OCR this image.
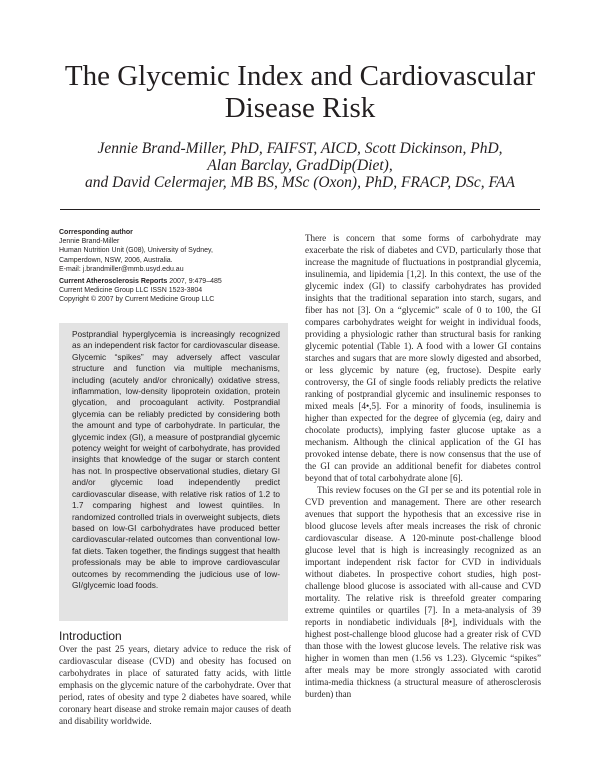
The Glycemic Index and Cardiovascular Disease Risk
Jennie Brand-Miller, PhD, FAIFST, AICD, Scott Dickinson, PhD,
Alan Barclay, GradDip(Diet),
and David Celermajer, MB BS, MSc (Oxon), PhD, FRACP, DSc, FAA
Corresponding author
Jennie Brand-Miller
Human Nutrition Unit (G08), University of Sydney,
Camperdown, NSW, 2006, Australia.
E-mail: j.brandmiller@mmb.usyd.edu.au
Current Atherosclerosis Reports 2007, 9:479–485
Current Medicine Group LLC ISSN 1523-3804
Copyright © 2007 by Current Medicine Group LLC

Postprandial hyperglycemia is increasingly recognized as an independent risk factor for cardiovascular disease. Glycemic “spikes” may adversely affect vascular structure and function via multiple mechanisms, including (acutely and/or chronically) oxidative stress, inflammation, low-density lipoprotein oxidation, protein glycation, and procoagulant activity. Postprandial glycemia can be reliably predicted by considering both the amount and type of carbohydrate. In particular, the glycemic index (GI), a measure of postprandial glycemic potency weight for weight of carbohydrate, has provided insights that knowledge of the sugar or starch content has not. In prospective observational studies, dietary GI and/or glycemic load independently predict cardiovascular disease, with relative risk ratios of 1.2 to 1.7 comparing highest and lowest quintiles. In randomized controlled trials in overweight subjects, diets based on low-GI carbohydrates have produced better cardiovascular-related outcomes than conventional low-fat diets. Taken together, the findings suggest that health professionals may be able to improve cardiovascular outcomes by recommending the judicious use of low-GI/glycemic load foods.

Introduction

Over the past 25 years, dietary advice to reduce the risk of cardiovascular disease (CVD) and obesity has focused on carbohydrates in place of saturated fatty acids, with little emphasis on the glycemic nature of the carbohydrate. Over that period, rates of obesity and type 2 diabetes have soared, while coronary heart disease and stroke remain major causes of death and disability worldwide.

There is concern that some forms of carbohydrate may exacerbate the risk of diabetes and CVD, particularly those that increase the magnitude of fluctuations in postprandial glycemia, insulinemia, and lipidemia [1,2]. In this context, the use of the glycemic index (GI) to classify carbohydrates has provided insights that the traditional separation into starch, sugars, and fiber has not [3]. On a “glycemic” scale of 0 to 100, the GI compares carbohydrates weight for weight in individual foods, providing a physiologic rather than structural basis for ranking glycemic potential (Table 1). A food with a lower GI contains starches and sugars that are more slowly digested and absorbed, or less glycemic by nature (eg, fructose). Despite early controversy, the GI of single foods reliably predicts the relative ranking of postprandial glycemic and insulinemic responses to mixed meals [4•,5]. For a minority of foods, insulinemia is higher than expected for the degree of glycemia (eg, dairy and chocolate products), implying faster glucose uptake as a mechanism. Although the clinical application of the GI has provoked intense debate, there is now consensus that the use of the GI can provide an additional benefit for diabetes control beyond that of total carbohydrate alone [6].

This review focuses on the GI per se and its potential role in CVD prevention and management. There are other research avenues that support the hypothesis that an excessive rise in blood glucose levels after meals increases the risk of chronic cardiovascular disease. A 120-minute post-challenge blood glucose level that is high is increasingly recognized as an important independent risk factor for CVD in individuals without diabetes. In prospective cohort studies, high post-challenge blood glucose is associated with all-cause and CVD mortality. The relative risk is threefold greater comparing extreme quintiles or quartiles [7]. In a meta-analysis of 39 reports in nondiabetic individuals [8•], individuals with the highest post-challenge blood glucose had a greater risk of CVD than those with the lowest glucose levels. The relative risk was higher in women than men (1.56 vs 1.23). Glycemic “spikes” after meals may be more strongly associated with carotid intima-media thickness (a structural measure of atherosclerosis burden) than
